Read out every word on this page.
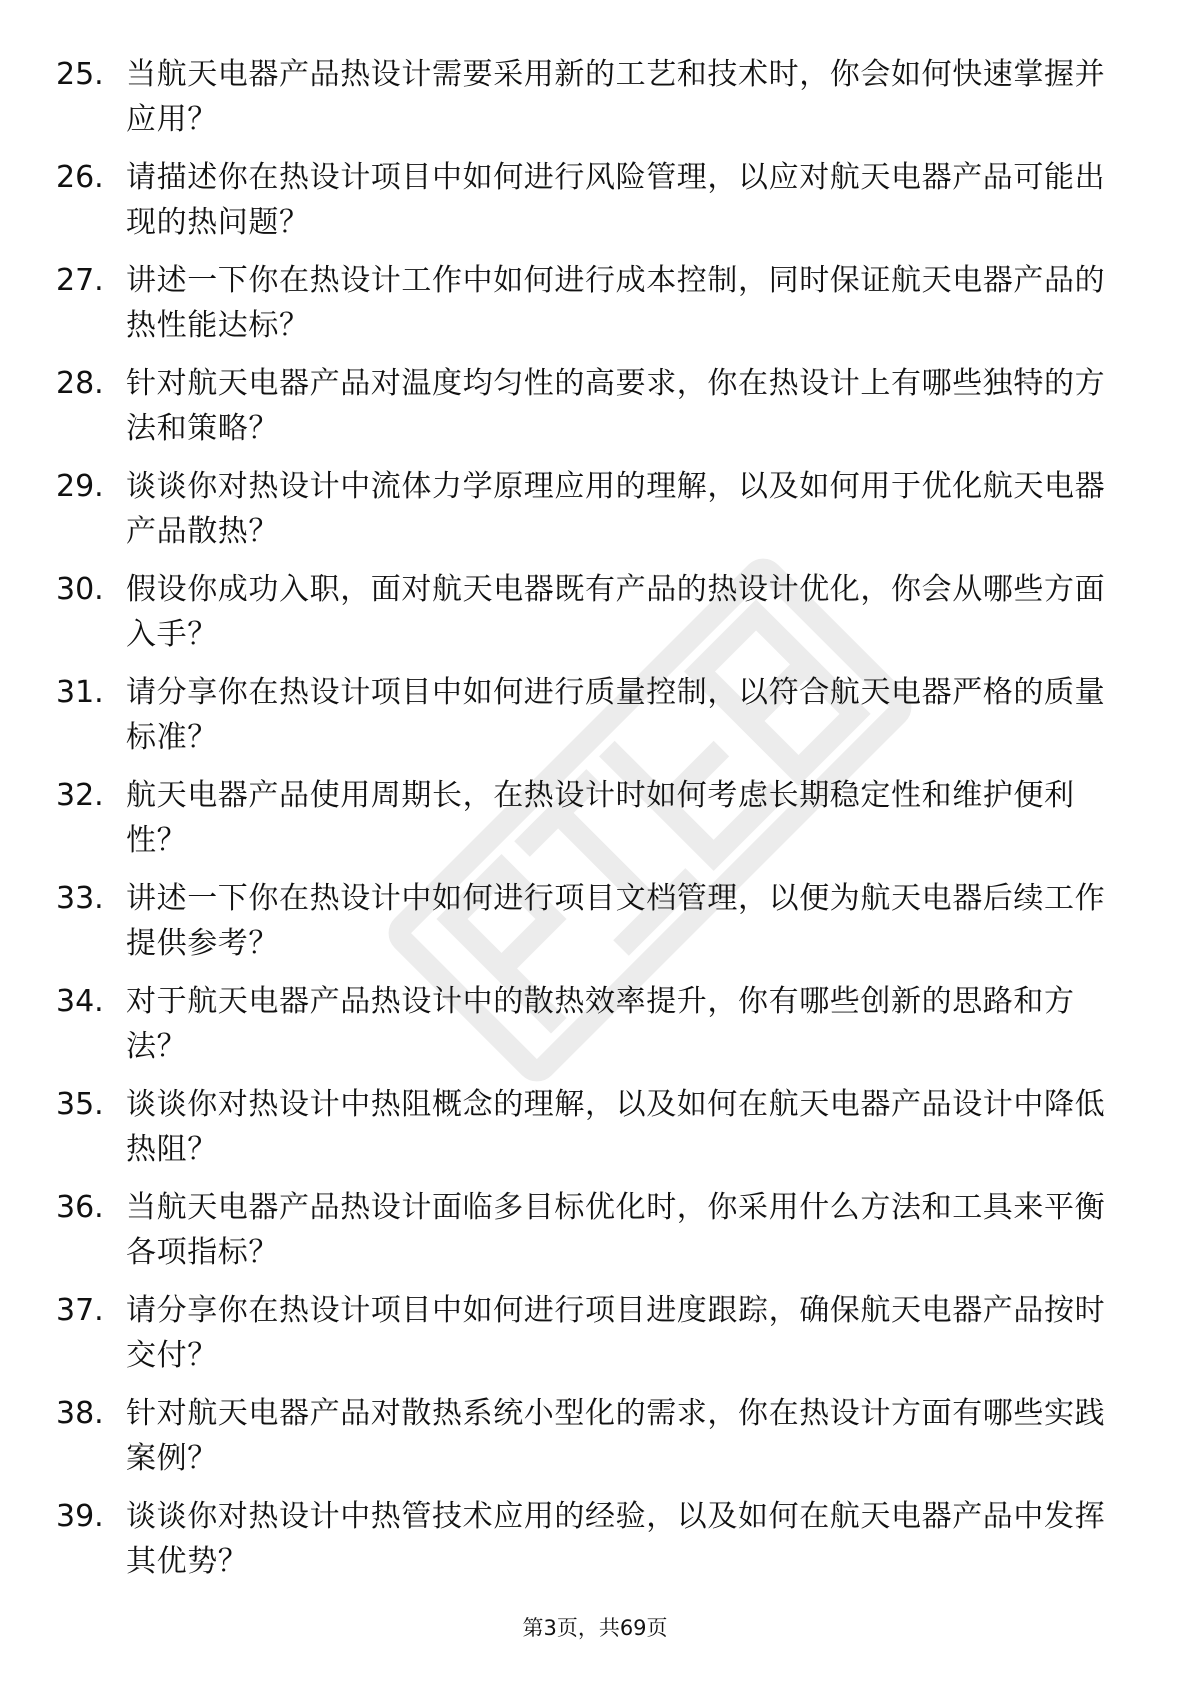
25. 当航天电器产品热设计需要采用新的工艺和技术时，你会如何快速掌握并应用？
26. 请描述你在热设计项目中如何进行风险管理，以应对航天电器产品可能出现的热问题？
27. 讲述一下你在热设计工作中如何进行成本控制，同时保证航天电器产品的热性能达标？
28. 针对航天电器产品对温度均匀性的高要求，你在热设计上有哪些独特的方法和策略？
29. 谈谈你对热设计中流体力学原理应用的理解，以及如何用于优化航天电器产品散热？
30. 假设你成功入职，面对航天电器既有产品的热设计优化，你会从哪些方面入手？
31. 请分享你在热设计项目中如何进行质量控制，以符合航天电器严格的质量标准？
32. 航天电器产品使用周期长，在热设计时如何考虑长期稳定性和维护便利性？
33. 讲述一下你在热设计中如何进行项目文档管理，以便为航天电器后续工作提供参考？
34. 对于航天电器产品热设计中的散热效率提升，你有哪些创新的思路和方法？
35. 谈谈你对热设计中热阻概念的理解，以及如何在航天电器产品设计中降低热阻？
36. 当航天电器产品热设计面临多目标优化时，你采用什么方法和工具来平衡各项指标？
37. 请分享你在热设计项目中如何进行项目进度跟踪，确保航天电器产品按时交付？
38. 针对航天电器产品对散热系统小型化的需求，你在热设计方面有哪些实践案例？
39. 谈谈你对热设计中热管技术应用的经验，以及如何在航天电器产品中发挥其优势？
第3页，共69页
